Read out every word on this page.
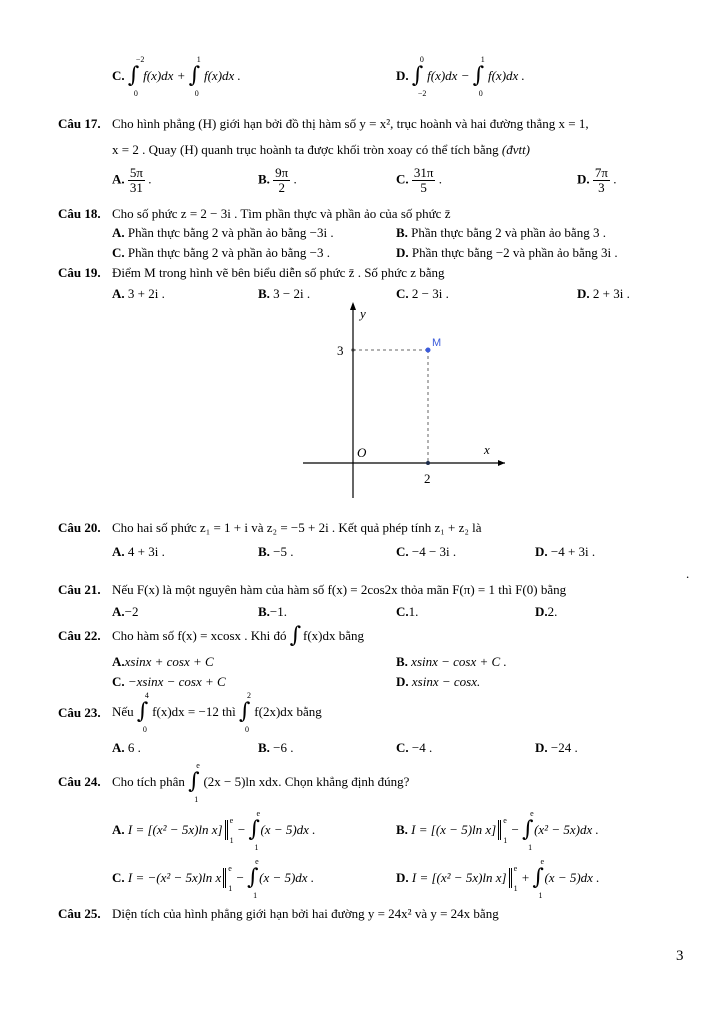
C. ∫
−2
0
f(x)dx + ∫
1
0
f(x)dx .	D. ∫
0
−2
f(x)dx − ∫
1
0
f(x)dx .
Câu 17. Cho hình phẳng (H) giới hạn bởi đồ thị hàm số y = x², trục hoành và hai đường thẳng x = 1,
x = 2 . Quay (H) quanh trục hoành ta được khối tròn xoay có thể tích bằng (đvtt)
A. $\frac{5\pi}{31}$ .	B. $\frac{9\pi}{2}$ .	C. $\frac{31\pi}{5}$ .	D. $\frac{7\pi}{3}$ .
Câu 18. Cho số phức z = 2 − 3i . Tìm phần thực và phần ảo của số phức z̄
A. Phần thực bằng 2 và phần ảo bằng −3i .	B. Phần thực bằng 2 và phần ảo bằng 3 .
C. Phần thực bằng 2 và phần ảo bằng −3 .	D. Phần thực bằng −2 và phần ảo bằng 3i .
Câu 19. Điểm M trong hình vẽ bên biểu diễn số phức z̄ . Số phức z bằng
A. 3 + 2i .	B. 3 − 2i .	C. 2 − 3i .	D. 2 + 3i .
y
x
O
3
2
M
Câu 20. Cho hai số phức z₁ = 1 + i và z₂ = −5 + 2i . Kết quả phép tính z₁ + z₂ là
A. 4 + 3i .	B. −5 .	C. −4 − 3i .	D. −4 + 3i .
.
Câu 21. Nếu F(x) là một nguyên hàm của hàm số f(x) = 2cos2x thỏa mãn F(π) = 1 thì F(0) bằng
A.−2	B.−1.	C.1.	D.2.
Câu 22. Cho hàm số f(x) = xcosx . Khi đó ∫ f(x)dx bằng
A.xsinx + cosx + C	B. xsinx − cosx + C .
C. −xsinx − cosx + C	D. xsinx − cosx.
Câu 23. Nếu ∫
4
0
f(x)dx = −12 thì ∫
2
0
f(2x)dx bằng
A. 6 .	B. −6 .	C. −4 .	D. −24 .
Câu 24. Cho tích phân ∫
e
1
(2x − 5)ln xdx. Chọn khẳng định đúng?
A. I = [(x² − 5x)ln x]
e
1
− ∫
e
1
(x − 5)dx .	B. I = [(x − 5)ln x]
e
1
− ∫
e
1
(x² − 5x)dx .
C. I = −(x² − 5x)ln x
e
1
− ∫
e
1
(x − 5)dx .	D. I = [(x² − 5x)ln x]
e
1
+ ∫
e
1
(x − 5)dx .
Câu 25. Diện tích của hình phẳng giới hạn bởi hai đường y = 24x² và y = 24x bằng
3
